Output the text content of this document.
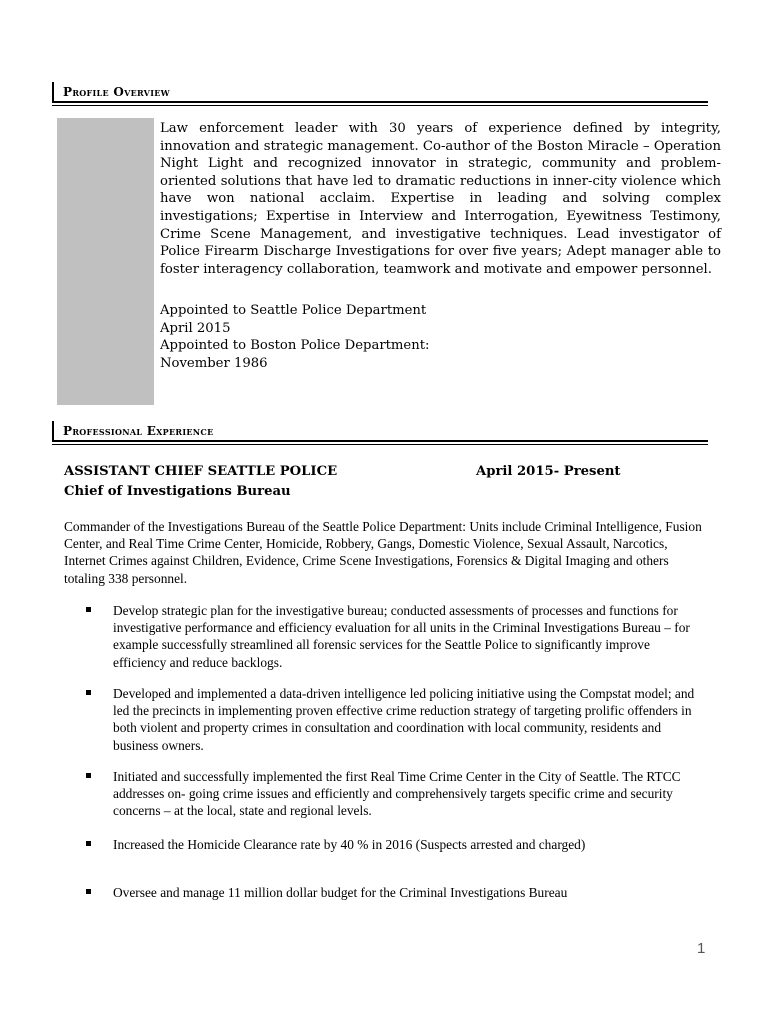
Profile Overview
Law enforcement leader with 30 years of experience defined by integrity, innovation and strategic management. Co-author of the Boston Miracle – Operation Night Light and recognized innovator in strategic, community and problem-oriented solutions that have led to dramatic reductions in inner-city violence which have won national acclaim. Expertise in leading and solving complex investigations; Expertise in Interview and Interrogation, Eyewitness Testimony, Crime Scene Management, and investigative techniques. Lead investigator of Police Firearm Discharge Investigations for over five years; Adept manager able to foster interagency collaboration, teamwork and motivate and empower personnel.
Appointed to Seattle Police Department
April 2015
Appointed to Boston Police Department:
November 1986
Professional Experience
ASSISTANT CHIEF SEATTLE POLICE	April 2015- Present
Chief of Investigations Bureau
Commander of the Investigations Bureau of the Seattle Police Department: Units include Criminal Intelligence, Fusion Center, and Real Time Crime Center, Homicide, Robbery, Gangs, Domestic Violence, Sexual Assault, Narcotics, Internet Crimes against Children, Evidence, Crime Scene Investigations, Forensics & Digital Imaging and others totaling 338 personnel.
Develop strategic plan for the investigative bureau; conducted assessments of processes and functions for investigative performance and efficiency evaluation for all units in the Criminal Investigations Bureau – for example successfully streamlined all forensic services for the Seattle Police to significantly improve efficiency and reduce backlogs.
Developed and implemented a data-driven intelligence led policing initiative using the Compstat model; and led the precincts in implementing proven effective crime reduction strategy of targeting prolific offenders in both violent and property crimes in consultation and coordination with local community, residents and business owners.
Initiated and successfully implemented the first Real Time Crime Center in the City of Seattle. The RTCC addresses on- going crime issues and efficiently and comprehensively targets specific crime and security concerns – at the local, state and regional levels.
Increased the Homicide Clearance rate by 40 % in 2016 (Suspects arrested and charged)
Oversee and manage 11 million dollar budget for the Criminal Investigations Bureau
1
